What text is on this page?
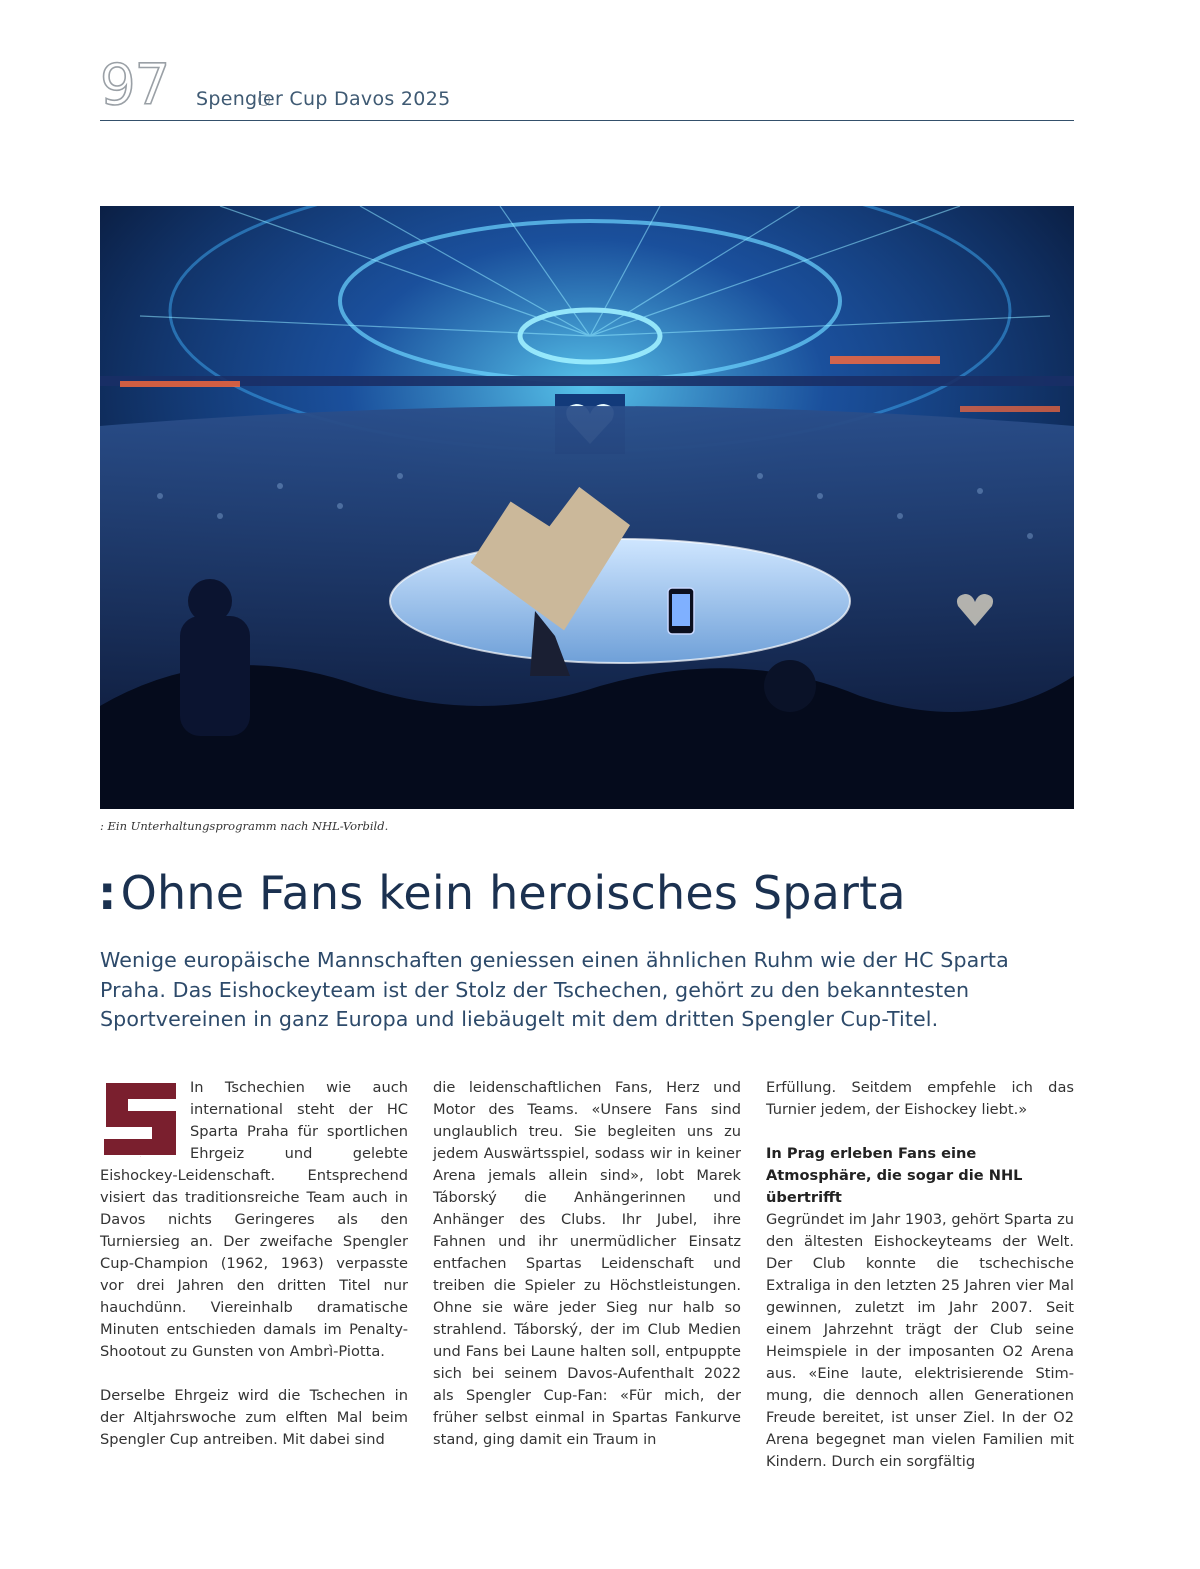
97 Spengler Cup Davos 2025
: Ein Unterhaltungsprogramm nach NHL-Vorbild.
:Ohne Fans kein heroisches Sparta
Wenige europäische Mannschaften geniessen einen ähnlichen Ruhm wie der HC Sparta Praha. Das Eishockeyteam ist der Stolz der Tschechen, gehört zu den bekanntesten Sportvereinen in ganz Europa und liebäugelt mit dem dritten Spengler Cup-Titel.
S

In Tschechien wie auch international steht der HC Sparta Praha für sportlichen Ehrgeiz und gelebte Eishockey-Leidenschaft. Entsprechend visiert das traditionsreiche Team auch in Davos nichts Geringeres als den Turniersieg an. Der zweifache Spengler Cup-Champion (1962, 1963) verpasste vor drei Jahren den dritten Titel nur hauchdünn. Viereinhalb dramatische Minuten entschieden damals im Penalty-Shootout zu Gunsten von Ambrì-Piotta.

Derselbe Ehrgeiz wird die Tschechen in der Altjahrswoche zum elften Mal beim Spengler Cup antreiben. Mit dabei sind

die leidenschaftlichen Fans, Herz und Motor des Teams. «Unsere Fans sind unglaublich treu. Sie begleiten uns zu jedem Auswärtsspiel, sodass wir in keiner Arena jemals allein sind», lobt Marek Táborský die Anhängerinnen und Anhänger des Clubs. Ihr Jubel, ihre Fahnen und ihr unermüdlicher Einsatz entfachen Spartas Leidenschaft und treiben die Spieler zu Höchstleistungen. Ohne sie wäre jeder Sieg nur halb so strahlend. Táborský, der im Club Medien und Fans bei Laune halten soll, entpuppte sich bei seinem Davos-Aufenthalt 2022 als Spengler Cup-Fan: «Für mich, der früher selbst einmal in Spartas Fankurve stand, ging damit ein Traum in

Erfüllung. Seitdem empfehle ich das Turnier jedem, der Eishockey liebt.»

In Prag erleben Fans eine Atmosphäre, die sogar die NHL übertrifft

Gegründet im Jahr 1903, gehört Sparta zu den ältesten Eishockeyteams der Welt. Der Club konnte die tschechische Extraliga in den letzten 25 Jahren vier Mal gewinnen, zuletzt im Jahr 2007. Seit einem Jahrzehnt trägt der Club seine Heimspiele in der imposanten O2 Arena aus. «Eine laute, elektrisierende Stimmung, die dennoch allen Generationen Freude bereitet, ist unser Ziel. In der O2 Arena begegnet man vielen Familien mit Kindern. Durch ein sorgfältig
